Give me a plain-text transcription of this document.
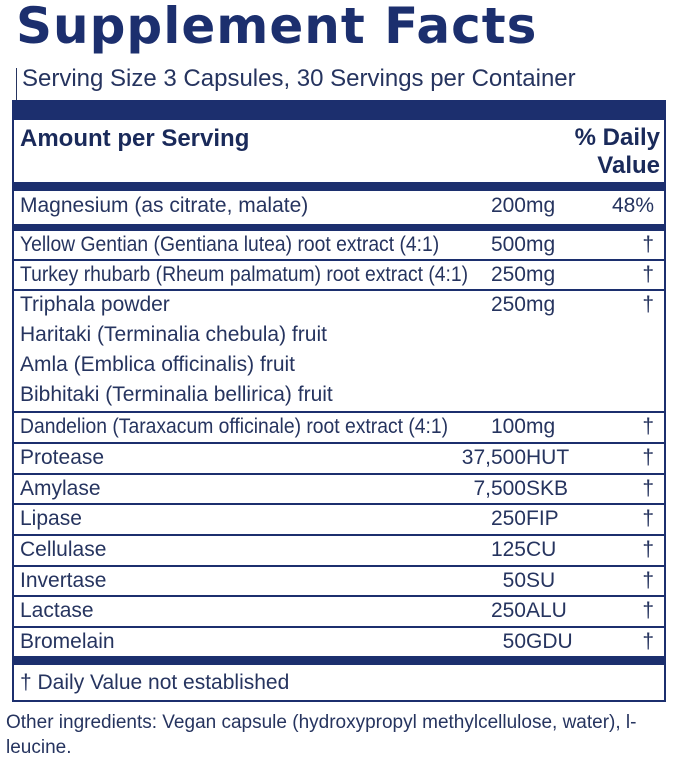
Supplement Facts
Serving Size 3 Capsules, 30 Servings per Container
Amount per Serving	% Daily
Value
Magnesium (as citrate, malate)	200 mg	48%
Yellow Gentian (Gentiana lutea) root extract (4:1) 500 mg	†
Turkey rhubarb (Rheum palmatum) root extract (4:1) 250 mg	†
Triphala powder	250 mg	†
Haritaki (Terminalia chebula) fruit
Amla (Emblica officinalis) fruit
Bibhitaki (Terminalia bellirica) fruit
Dandelion (Taraxacum officinale) root extract (4:1) 100 mg	†
Protease	37,500 HUT	†
Amylase	7,500 SKB	†
Lipase	250 FIP	†
Cellulase	125 CU	†
Invertase	50 SU	†
Lactase	250 ALU	†
Bromelain	50 GDU	†
† Daily Value not established
Other ingredients: Vegan capsule (hydroxypropyl methylcellulose, water), l-leucine.
